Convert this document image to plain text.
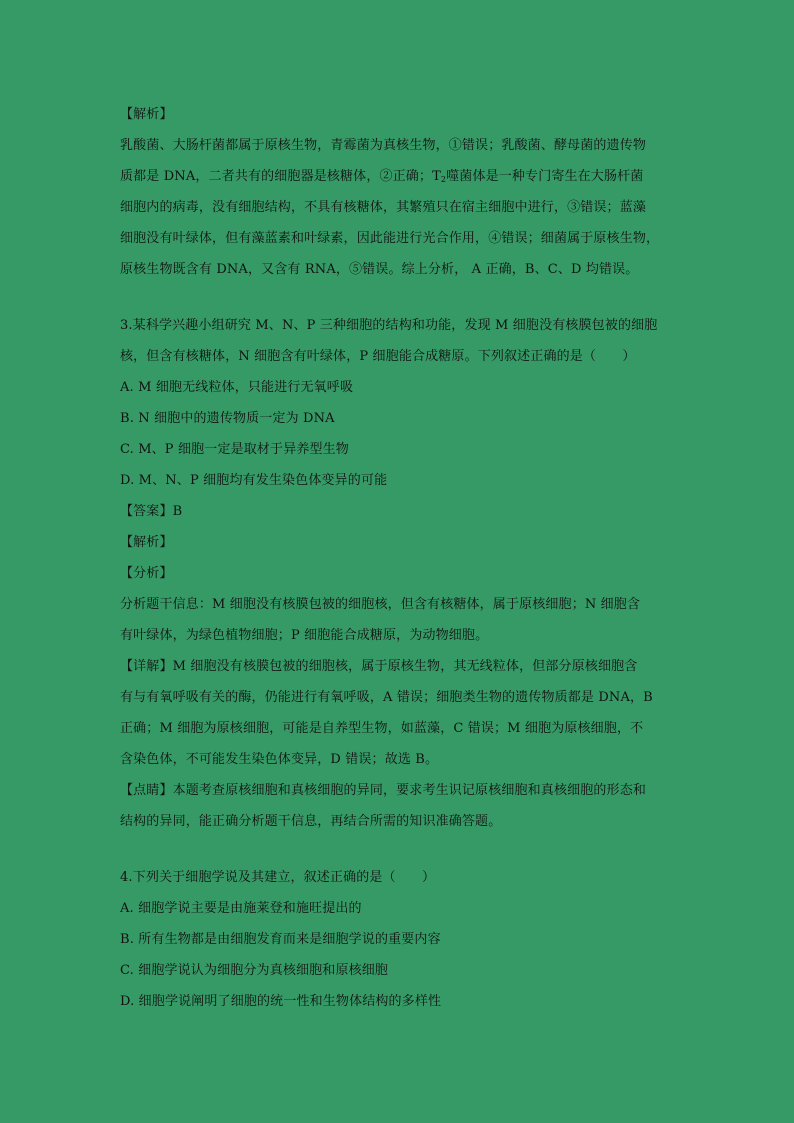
【解析】
乳酸菌、大肠杆菌都属于原核生物，青霉菌为真核生物，①错误；乳酸菌、酵母菌的遗传物
质都是 DNA，二者共有的细胞器是核糖体，②正确；$T_2$噬菌体是一种专门寄生在大肠杆菌
细胞内的病毒，没有细胞结构，不具有核糖体，其繁殖只在宿主细胞中进行，③错误；蓝藻
细胞没有叶绿体，但有藻蓝素和叶绿素，因此能进行光合作用，④错误；细菌属于原核生物，
原核生物既含有 DNA，又含有 RNA，⑤错误。综上分析， A 正确，B、C、D 均错误。
3.某科学兴趣小组研究 M、N、P 三种细胞的结构和功能，发现 M 细胞没有核膜包被的细胞
核，但含有核糖体，N 细胞含有叶绿体，P 细胞能合成糖原。下列叙述正确的是（　　）
A. M 细胞无线粒体，只能进行无氧呼吸
B. N 细胞中的遗传物质一定为 DNA
C. M、P 细胞一定是取材于异养型生物
D. M、N、P 细胞均有发生染色体变异的可能
【答案】B
【解析】
【分析】
分析题干信息：M 细胞没有核膜包被的细胞核，但含有核糖体，属于原核细胞；N 细胞含
有叶绿体，为绿色植物细胞；P 细胞能合成糖原，为动物细胞。
【详解】M 细胞没有核膜包被的细胞核，属于原核生物，其无线粒体，但部分原核细胞含
有与有氧呼吸有关的酶，仍能进行有氧呼吸，A 错误；细胞类生物的遗传物质都是 DNA，B
正确；M 细胞为原核细胞，可能是自养型生物，如蓝藻，C 错误；M 细胞为原核细胞，不
含染色体，不可能发生染色体变异，D 错误；故选 B。
【点睛】本题考查原核细胞和真核细胞的异同，要求考生识记原核细胞和真核细胞的形态和
结构的异同，能正确分析题干信息，再结合所需的知识准确答题。
4.下列关于细胞学说及其建立，叙述正确的是（　　）
A. 细胞学说主要是由施莱登和施旺提出的
B. 所有生物都是由细胞发育而来是细胞学说的重要内容
C. 细胞学说认为细胞分为真核细胞和原核细胞
D. 细胞学说阐明了细胞的统一性和生物体结构的多样性
